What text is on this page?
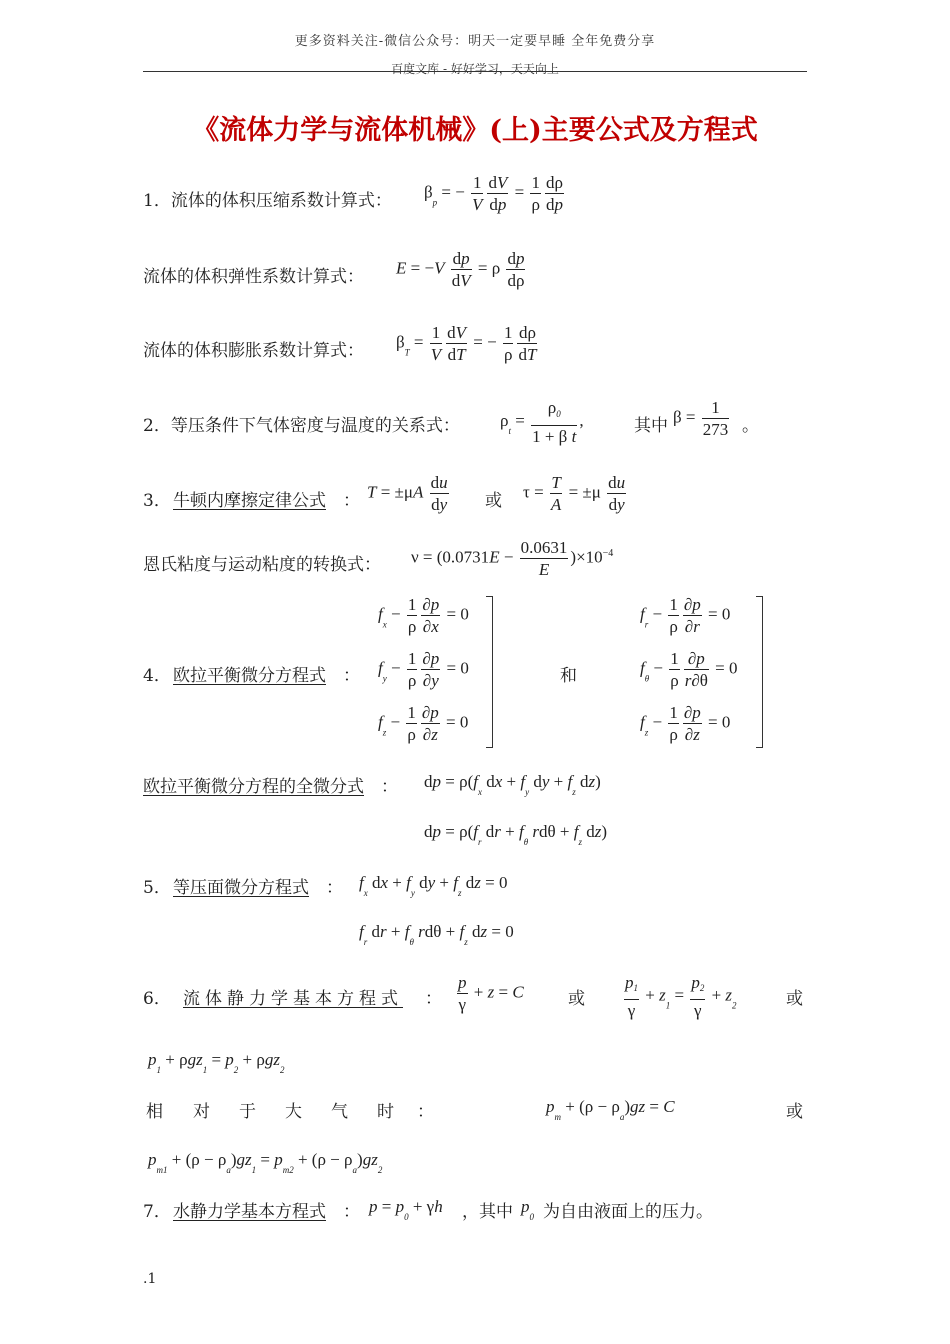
更多资料关注-微信公众号：明天一定要早睡 全年免费分享
百度文库 - 好好学习，天天向上
《流体力学与流体机械》(上)主要公式及方程式
1．流体的体积压缩系数计算式： $\beta_p$ = − $\frac{1}{V} \frac{dV}{dp} = \frac{1}{\rho} \frac{d\rho}{dp}$
流体的体积弹性系数计算式： $E = -V \frac{dp}{dV} = \rho \frac{dp}{d\rho}$
流体的体积膨胀系数计算式： $\beta_T = \frac{1}{V} \frac{dV}{dT}$ = − $\frac{1}{\rho} \frac{d\rho}{dT}$
2．等压条件下气体密度与温度的关系式： $\rho_t = \frac{\rho_0}{\text{1 + β t}}$ ,	其中 $\beta = \frac{1}{273}$ 。
3． 牛顿内摩擦定律公式 ： $T = \pm\mu A \frac{du}{dy}$ 或 $\tau = \frac{T}{A} = \pm\mu \frac{du}{dy}$
恩氏粘度与运动粘度的转换式： $\nu = (0.0731E - \frac{0.0631}{E} )\times 10^{-4}$
4． 欧拉平衡微分方程式 ：
$f_x - \frac{1}{\rho} \frac{\partial p}{\partial x} = 0$
$f_y - \frac{1}{\rho} \frac{\partial p}{\partial y} = 0$
$f_z - \frac{1}{\rho} \frac{\partial p}{\partial z} = 0$
和
$f_r - \frac{1}{\rho} \frac{\partial p}{\partial r} = 0$
$f_\theta - \frac{1}{\rho} \frac{\partial p}{r\partial\theta} = 0$
$f_z - \frac{1}{\rho} \frac{\partial p}{\partial z} = 0$
欧拉平衡微分方程的全微分式 ： dp = $\rho(f_x$ dx + $f_y$ dy + $f_z$ dz)
dp = $\rho(f_r$ dr + $f_\theta$ $rd\theta + f_z$ dz)
5． 等压面微分方程式 ： $f_x$ dx + $f_y$ dy + $f_z$ dz = 0
$f_r$ dr + $f_\theta$ $rd\theta + f_z$ dz = 0
6． 流体静力学基本方程式 ： $\frac{p}{\gamma} + z = C$	或 $\frac{p_1}{\gamma} + z_1 = \frac{p_2}{\gamma} + z_2$	或
$p_1 + \rho gz_1 = p_2 + \rho gz_2$
相 对 于 大 气 时 ：	$p_m + (\rho - \rho_a)gz = C$	或
$p_{m1} + (\rho - \rho_a)gz_1 = p_{m2} + (\rho - \rho_a)gz_2$
7． 水静力学基本方程式 ： $p = p_0 + \gamma h$ ，其中 $p_0$ 为自由液面上的压力。
.1
